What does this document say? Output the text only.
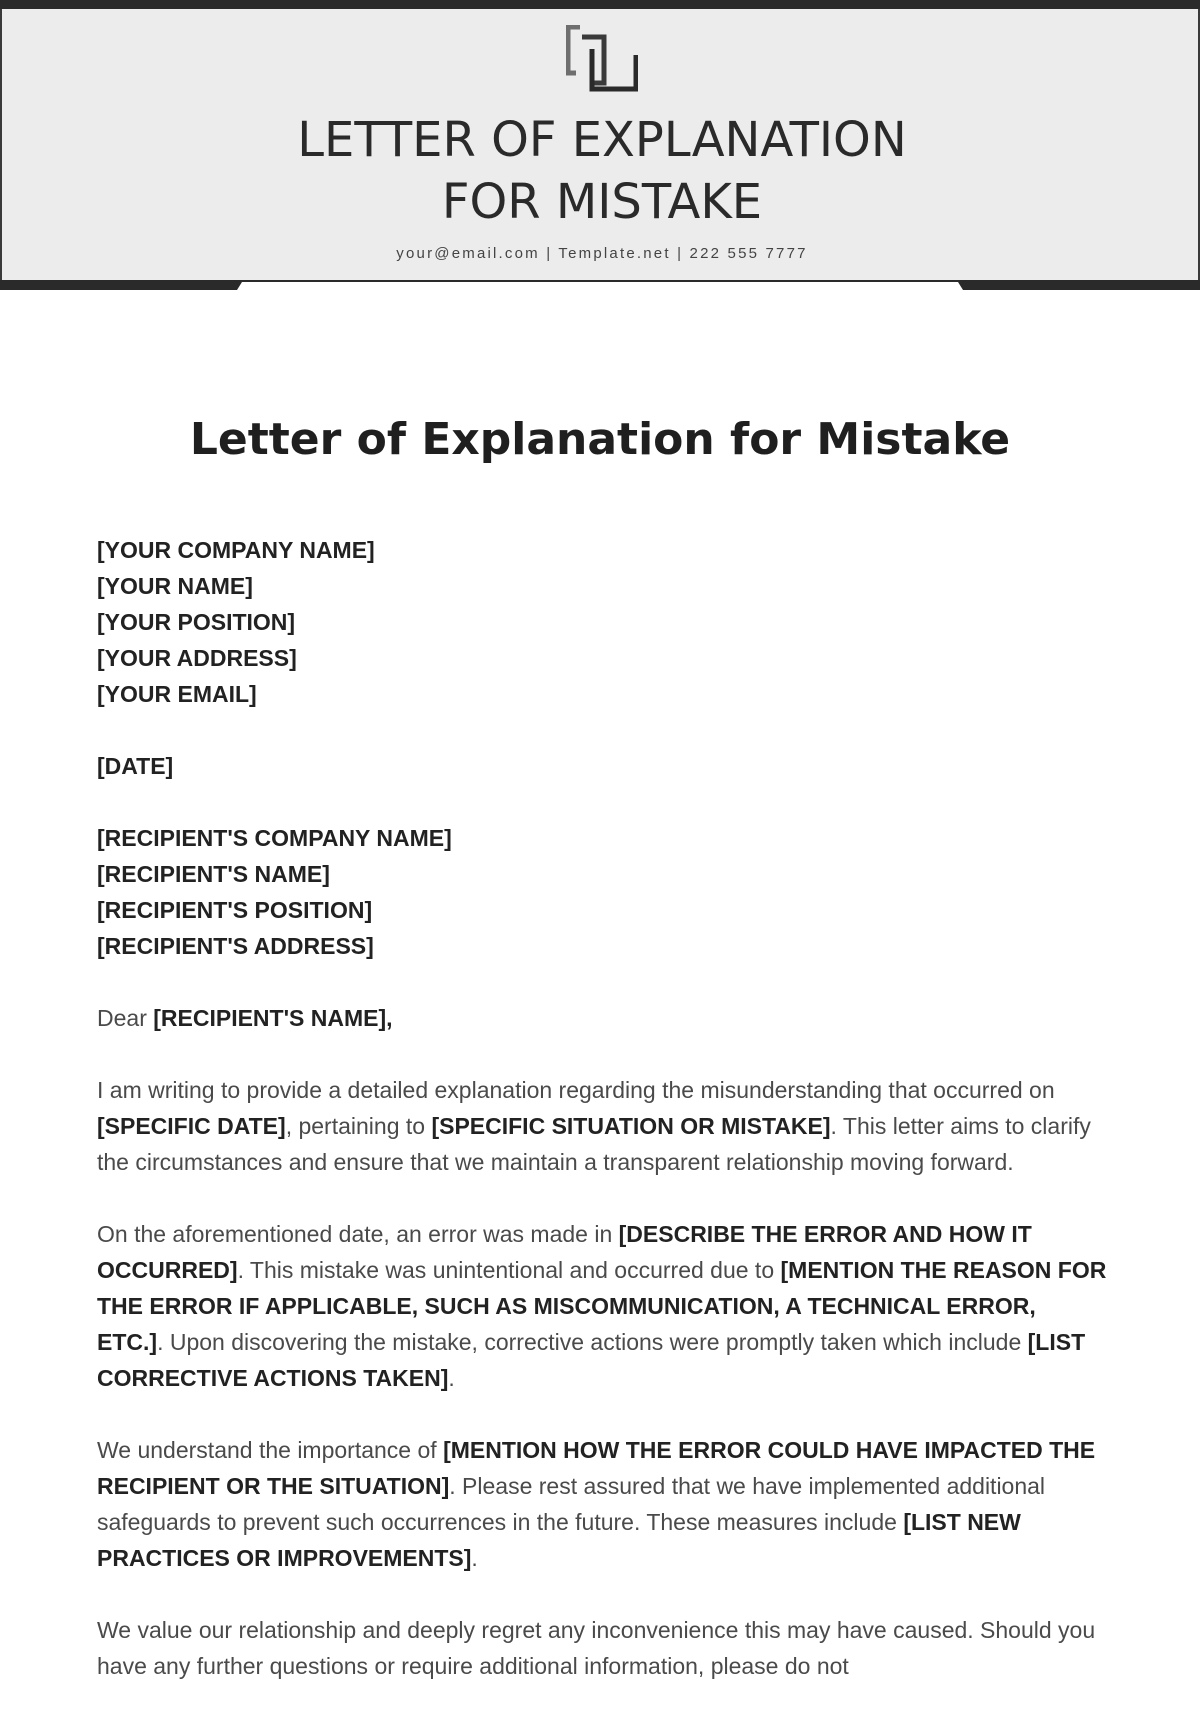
LETTER OF EXPLANATION
FOR MISTAKE
your@email.com | Template.net | 222 555 7777
Letter of Explanation for Mistake
[YOUR COMPANY NAME]
[YOUR NAME]
[YOUR POSITION]
[YOUR ADDRESS]
[YOUR EMAIL]
[DATE]
[RECIPIENT'S COMPANY NAME]
[RECIPIENT'S NAME]
[RECIPIENT'S POSITION]
[RECIPIENT'S ADDRESS]

Dear [RECIPIENT'S NAME],

I am writing to provide a detailed explanation regarding the misunderstanding that occurred on [SPECIFIC DATE], pertaining to [SPECIFIC SITUATION OR MISTAKE]. This letter aims to clarify the circumstances and ensure that we maintain a transparent relationship moving forward.

On the aforementioned date, an error was made in [DESCRIBE THE ERROR AND HOW IT OCCURRED]. This mistake was unintentional and occurred due to [MENTION THE REASON FOR THE ERROR IF APPLICABLE, SUCH AS MISCOMMUNICATION, A TECHNICAL ERROR, ETC.]. Upon discovering the mistake, corrective actions were promptly taken which include [LIST CORRECTIVE ACTIONS TAKEN].

We understand the importance of [MENTION HOW THE ERROR COULD HAVE IMPACTED THE RECIPIENT OR THE SITUATION]. Please rest assured that we have implemented additional safeguards to prevent such occurrences in the future. These measures include [LIST NEW PRACTICES OR IMPROVEMENTS].

We value our relationship and deeply regret any inconvenience this may have caused. Should you have any further questions or require additional information, please do not
